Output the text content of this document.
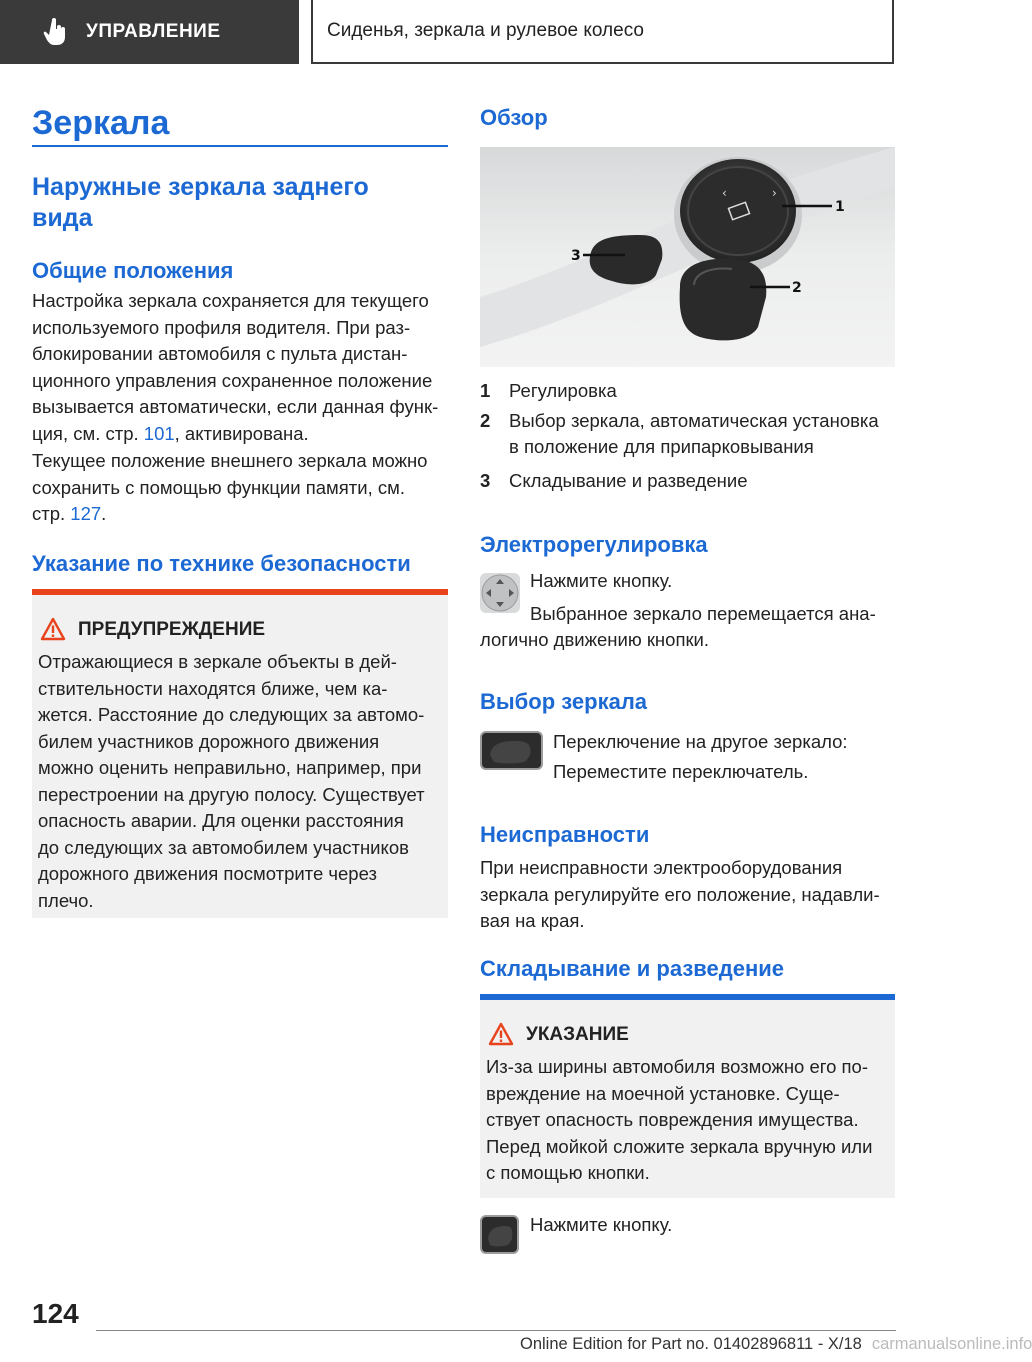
УПРАВЛЕНИЕ	Сиденья, зеркала и рулевое колесо
Зеркала
Наружные зеркала заднего
вида
Общие положения
Настройка зеркала сохраняется для текущего
используемого профиля водителя. При раз-
блокировании автомобиля с пульта дистан-
ционного управления сохраненное положение
вызывается автоматически, если данная функ-
ция, см. стр. 101, активирована.
Текущее положение внешнего зеркала можно
сохранить с помощью функции памяти, см.
стр. 127.
Указание по технике безопасности
ПРЕДУПРЕЖДЕНИЕ
Отражающиеся в зеркале объекты в дей-
ствительности находятся ближе, чем ка-
жется. Расстояние до следующих за автомо-
билем участников дорожного движения
можно оценить неправильно, например, при
перестроении на другую полосу. Существует
опасность аварии. Для оценки расстояния
до следующих за автомобилем участников
дорожного движения посмотрите через
плечо.
Обзор
‹	›
1
2
3
1 Регулировка
2 Выбор зеркала, автоматическая установка
в положение для припарковывания
3 Складывание и разведение
Электрорегулировка
Нажмите кнопку.
Выбранное зеркало перемещается ана-
логично движению кнопки.
Выбор зеркала
Переключение на другое зеркало:
Переместите переключатель.
Неисправности
При неисправности электрооборудования
зеркала регулируйте его положение, надавли-
вая на края.
Складывание и разведение
УКАЗАНИЕ
Из-за ширины автомобиля возможно его по-
вреждение на моечной установке. Суще-
ствует опасность повреждения имущества.
Перед мойкой сложите зеркала вручную или
с помощью кнопки.
Нажмите кнопку.
124
Online Edition for Part no. 01402896811 - X/18 carmanualsonline.info
